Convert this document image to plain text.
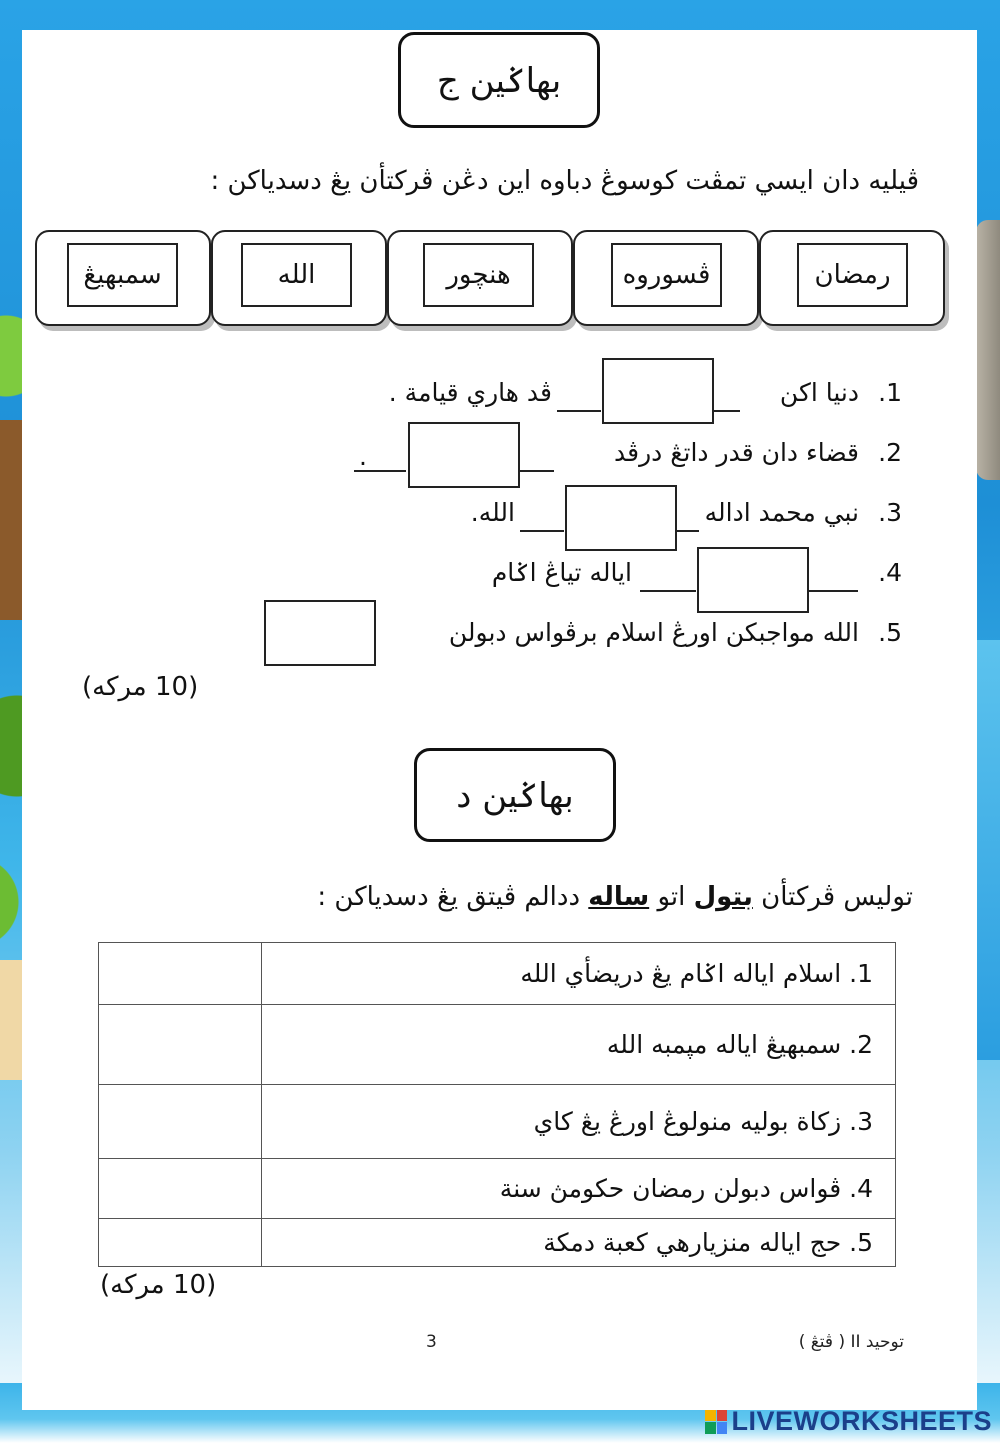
بهاݢين ج
ڤيليه دان ايسي تمڤت كوسوڠ دباوه اين دڠن ڤركتأن يڠ دسدياكن :
سمبهيڠ	الله	هنچور	ڤسوروه	رمضان
1.
دنيا اكن
ڤد هاري قيامة .
2.
قضاء دان قدر داتڠ درڤد
.
3.
نبي محمد اداله
الله.
4.
اياله تياڠ اݢام
5.
الله مواجبكن اورڠ اسلام برڤواس دبولن
(10 مركه)
بهاݢين د
توليس ڤركتأن بتول اتو ساله ددالم ڤيتق يڠ دسدياكن :
	1. اسلام اياله اݢام يڠ دريضأي الله
	2. سمبهيڠ اياله مپمبه الله
	3. زكاة بوليه منولوڠ اورڠ يڠ كاي
	4. ڤواس دبولن رمضان حكومڽ سنة
	5. حج اياله منزيارهي كعبة دمكة
(10 مركه)
3	توحيد II ( ڤتڠ )
LIVEWORKSHEETS
